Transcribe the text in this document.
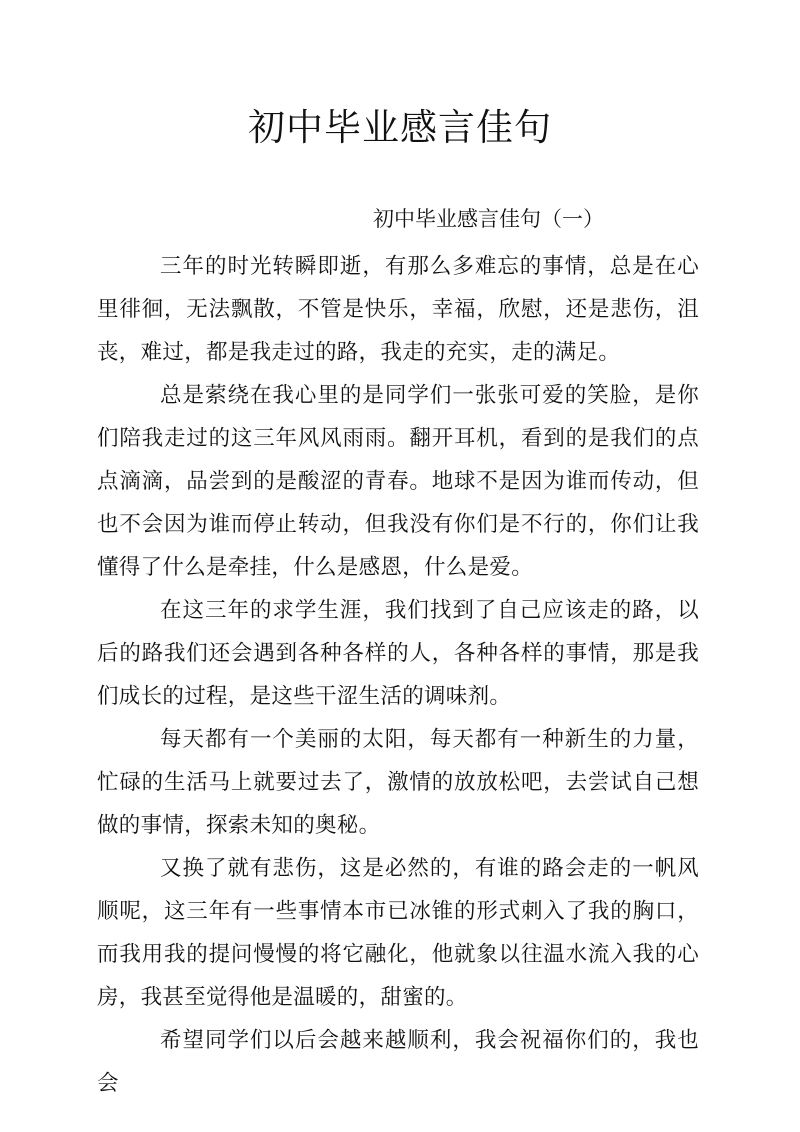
初中毕业感言佳句
初中毕业感言佳句（一）

三年的时光转瞬即逝，有那么多难忘的事情，总是在心里徘徊，无法飘散，不管是快乐，幸福，欣慰，还是悲伤，沮丧，难过，都是我走过的路，我走的充实，走的满足。

总是萦绕在我心里的是同学们一张张可爱的笑脸，是你们陪我走过的这三年风风雨雨。翻开耳机，看到的是我们的点点滴滴，品尝到的是酸涩的青春。地球不是因为谁而传动，但也不会因为谁而停止转动，但我没有你们是不行的，你们让我懂得了什么是牵挂，什么是感恩，什么是爱。

在这三年的求学生涯，我们找到了自己应该走的路，以后的路我们还会遇到各种各样的人，各种各样的事情，那是我们成长的过程，是这些干涩生活的调味剂。

每天都有一个美丽的太阳，每天都有一种新生的力量，忙碌的生活马上就要过去了，激情的放放松吧，去尝试自己想做的事情，探索未知的奥秘。

又换了就有悲伤，这是必然的，有谁的路会走的一帆风顺呢，这三年有一些事情本市已冰锥的形式刺入了我的胸口，而我用我的提问慢慢的将它融化，他就象以往温水流入我的心房，我甚至觉得他是温暖的，甜蜜的。

希望同学们以后会越来越顺利，我会祝福你们的，我也会
